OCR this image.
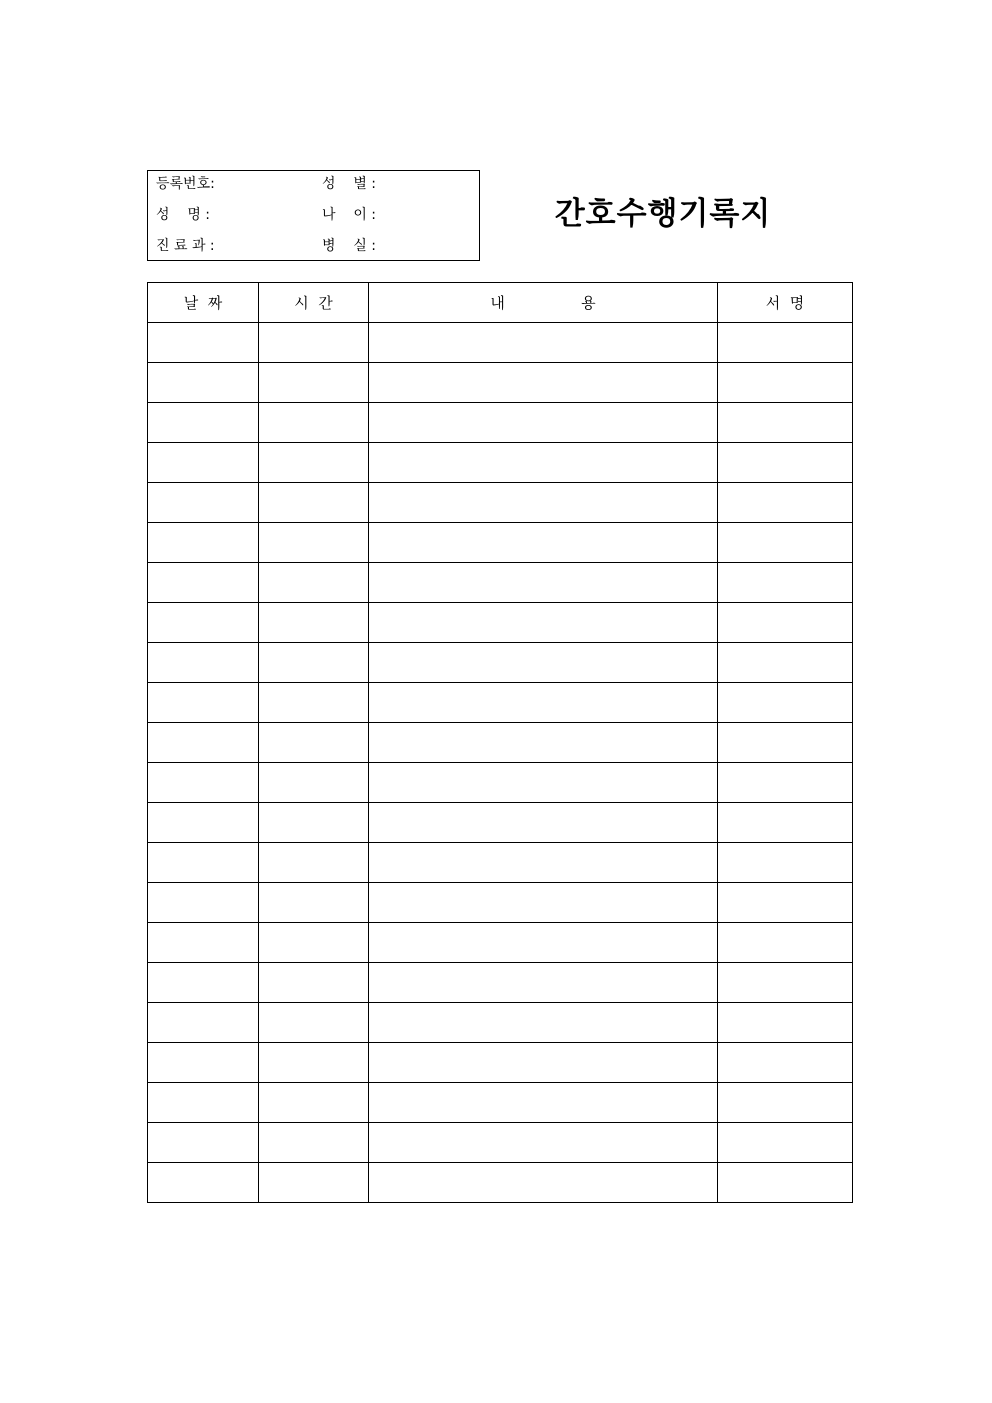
등록번호:	성    별 :
성    명 :	나    이 :
진 료 과 :	병    실 :
간호수행기록지
날  짜	시  간	내                용	서  명
